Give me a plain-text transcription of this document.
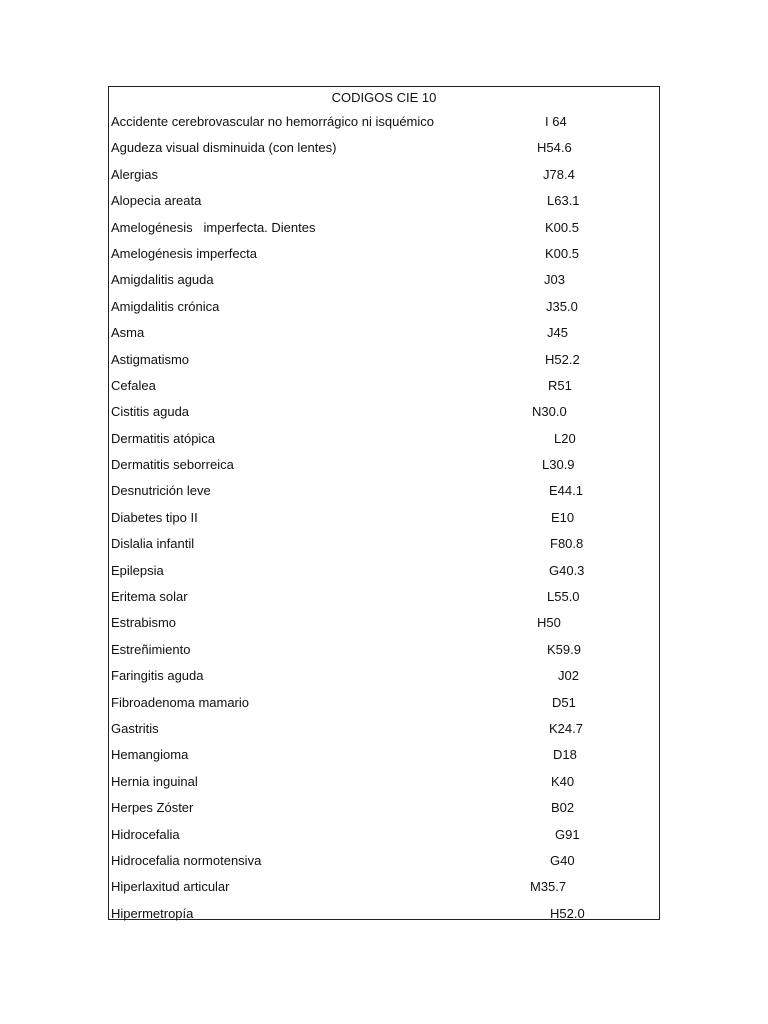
CODIGOS CIE 10
Accidente cerebrovascular no hemorrágico ni isquémico	I 64
Agudeza visual disminuida (con lentes)	H54.6
Alergias	J78.4
Alopecia areata	L63.1
Amelogénesis   imperfecta. Dientes	K00.5
Amelogénesis imperfecta	K00.5
Amigdalitis aguda	J03
Amigdalitis crónica	J35.0
Asma	J45
Astigmatismo	H52.2
Cefalea	R51
Cistitis aguda	N30.0
Dermatitis atópica	L20
Dermatitis seborreica	L30.9
Desnutrición leve	E44.1
Diabetes tipo II	E10
Dislalia infantil	F80.8
Epilepsia	G40.3
Eritema solar	L55.0
Estrabismo	H50
Estreñimiento	K59.9
Faringitis aguda	J02
Fibroadenoma mamario	D51
Gastritis	K24.7
Hemangioma	D18
Hernia inguinal	K40
Herpes Zóster	B02
Hidrocefalia	G91
Hidrocefalia normotensiva	G40
Hiperlaxitud articular	M35.7
Hipermetropía	H52.0
